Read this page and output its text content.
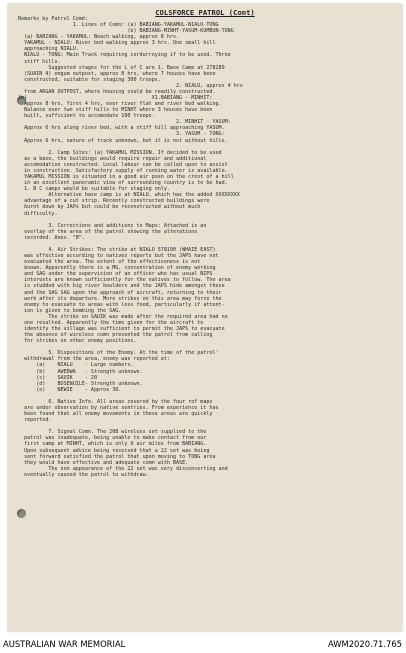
COLSFORCE PATROL (Cont)
Remarks by Patrol Comd:
1. Lines of Comn: (a) BABIANG-YAKAMUL-NIALU-TONG
(b) BABIANG-MINHT-YASUM-KUMBUN-TONG
(a) BABIANG - YAKAMUL: Beach walking, approx 8 hrs.
YAKAMUL - NIALU: River bed walking approx 3 hrs. One small hill
approaching NIALU.
NIALU - TONG: Main Track requiring cordurroying if to be used. Three
stiff hills.
Suggested stages for the L of C are 1. Base Camp at 278289
(SUAIN 4) engum outpost, approx 8 hrs, where 7 houses have been
constructed, suitable for staging 300 troops.
2. NIALU, approx 4 hrs
from ARGAN OUTPOST, where housing could be readily constructed.
(b)                                         X1.BABIANG - MINHIT:
Approx 8 hrs, first 4 hrs, over river flat and river bed walking.
Balance over two stiff hills to MINHT where 3 houses have been
built, sufficient to accomodate 100 troops.
2. MINHIT - YASUM:
Approx 6 hrs along river bed, with a stiff hill approaching YASUM.
3. YASUM - TONG:
Approx 6 hrs, nature of track unknown, but it is not without hills.
2. Camp Sites: (a) YAKAMUL MISSION. If decided to be used
as a base, the buildings would require repair and additional
accomodation constructed. Local labour can be called upon to assist
in construction. Satisfactory supply of running water is available.
YAKAMUL MISSION is situated in a good air posn on the crest of a hill
in an excellent panoramic view of surrounding country is to be had.
1. B C camps would be suitable for staging only.
Alternative base camp is at NIALU, which has the added XXXXXXXX
advantage of a cut strip. Recently constructed buildings were
burnt down by JAPs but could be reconstructed without much
difficulty.
3. Corrections and additions to Maps: Attached is an
overlay of the area of the patrol showing the alterations
recorded. Anex. "B".
4. Air Strikes: The strike at NIALU 578190 (WHAIE EAST)
was effective according to natives reports but the JAPS have not
evacuated the area. The extent of the effectiveness is not
known. Apparently there is a MG, concentration of enemy working
and SAG under the supervision of an officer who has usual NIPS
interests are known sufficiently for the natives to follow. The area
is studded with big river boulders and the JAPS hide amongst these
and the SAG SAG upon the approach of aircraft, returning to their
work after its departure. More strikes on this area may force the
enemy to evacuate to areas with less food, particularly if attent-
ion is given to bombing the SAG.
The strike on SAUIK was made after the required area had no
one resulted. Apparently the time given for the aircraft to
identify the village was sufficient to permit the JAPS to evacuate
the absence of wireless comn prevented the patrol from calling
for strikes on other enemy positions.
5. Dispositions of the Enemy. At the time of the patrol'
withdrawal from the area, enemy was reported at:
(a)    NIALU    - Large numbers.
(b)    AWEDWA   - Strength unknown.
(c)    SAUIK    - 20
(d)    BUSENUILE- Strength unknown.
(e)    NEWIE    - Approx 30.
6. Native Info. All areas covered by the four ref maps
are under observation by native sentries. From experience it has
been found that all enemy movements in these areas are quickly
reported.
7. Signal Comn. The 208 wireless set supplied to the
patrol was inadequate, being unable to make contact from our
first camp at MINHT, which is only 9 air miles from BABIANG.
Upon subsequent advice being received that a 22 set was being
sent forward satisfied the patrol that upon moving to TONG area
they would have effective and adequate comn with BASE.
The non appearance of the 22 set was very disconcerting and
eventually caused the patrol to withdraw.
AUSTRALIAN WAR MEMORIAL	AWM2020.71.765
